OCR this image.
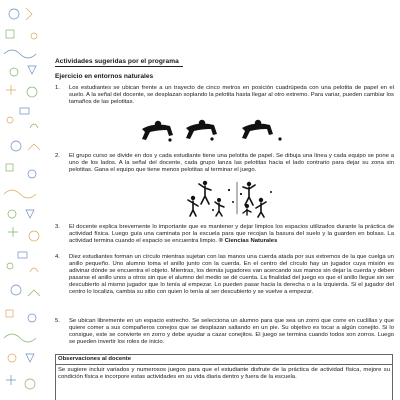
Actividades sugeridas por el programa
Ejercicio en entornos naturales
1. Los estudiantes se ubican frente a un trayecto de cinco metros en posición cuadrúpeda con una pelotita de papel en el suelo. A la señal del docente, se desplazan soplando la pelotita hasta llegar al otro extremo. Para variar, pueden cambiar los tamaños de las pelotitas.
2. El grupo curso se divide en dos y cada estudiante tiene una pelotita de papel. Se dibuja una línea y cada equipo se pone a uno de los lados. A la señal del docente, cada grupo lanza las pelotitas hacia el lado contrario para dejar su zona sin pelotitas. Gana el equipo que tiene menos pelotitas al terminar el juego.
3. El docente explica brevemente lo importante que es mantener y dejar limpios los espacios utilizados durante la práctica de actividad física. Luego guía una caminata por la escuela para que recojan la basura del suelo y la guarden en bolsas. La actividad termina cuando el espacio se encuentra limpio. ® Ciencias Naturales
4. Diez estudiantes forman un círculo mientras sujetan con las manos una cuerda atada por sus extremos de la que cuelga un anillo pequeño. Uno alumno toma el anillo junto con la cuerda. En el centro del círculo hay un jugador cuya misión es adivinar dónde se encuentra el objeto. Mientras, los demás jugadores van acercando sus manos sin dejar la cuerda y deben pasarse el anillo unos a otros sin que el alumno del medio se dé cuenta. La finalidad del juego es que el anillo llegue sin ser descubierto al mismo jugador que lo tenía al empezar. Lo pueden pasar hacia la derecha o a la izquierda. Si el jugador del centro lo localiza, cambia su sitio con quien lo tenía al ser descubierto y se vuelve a empezar.
5. Se ubican libremente en un espacio estrecho. Se selecciona un alumno para que sea un zorro que corre en cuclillas y que quiere comer a sus compañeros conejos que se desplazan saltando en un pie. Su objetivo es tocar a algún conejito. Si lo consigue, este se convierte en zorro y debe ayudar a cazar conejitos. El juego se termina cuando todos son zorros. Luego se pueden invertir los roles de inicio.
Observaciones al docente
Se sugiere incluir variados y numerosos juegos para que el estudiante disfrute de la práctica de actividad física, mejore su condición física e incorpore estas actividades en su vida diaria dentro y fuera de la escuela.
